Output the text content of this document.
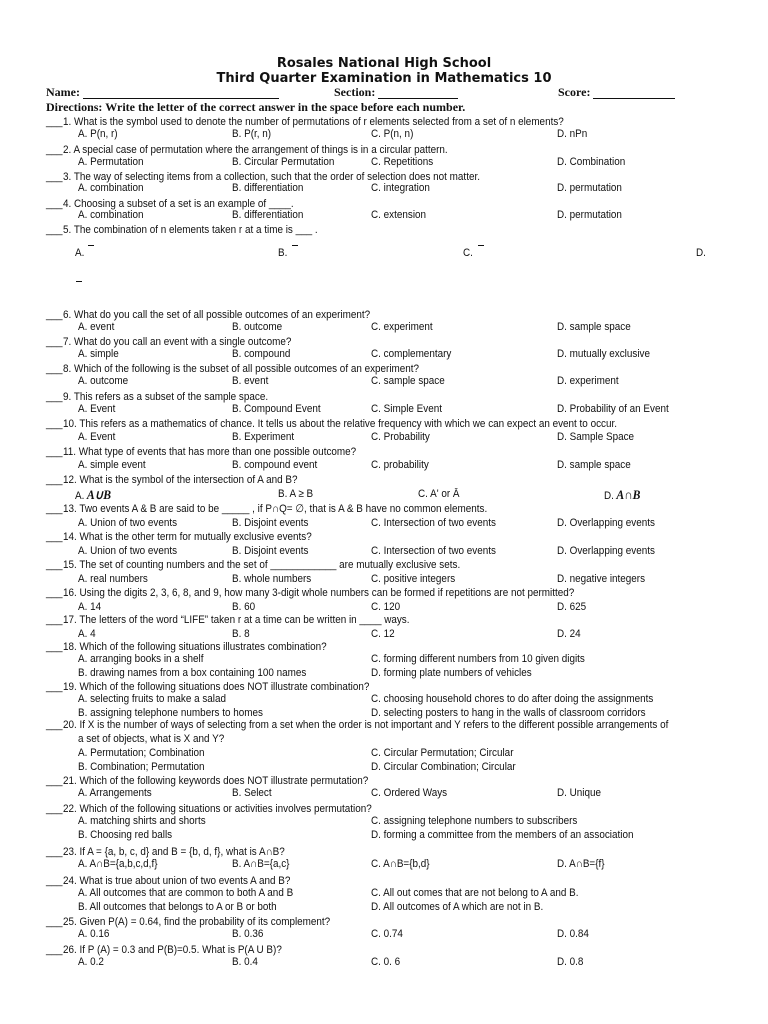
Rosales National High School
Third Quarter Examination in Mathematics 10
Name:	Section:	Score:
Directions: Write the letter of the correct answer in the space before each number.
___ 1. What is the symbol used to denote the number of permutations of r elements selected from a set of n elements?
A. P(n, r)	B. P(r, n)	C. P(n, n)	D. nPn
___ 2. A special case of permutation where the arrangement of things is in a circular pattern.
A. Permutation	B. Circular Permutation	C. Repetitions	D. Combination
___ 3. The way of selecting items from a collection, such that the order of selection does not matter.
A. combination	B. differentiation	C. integration	D. permutation
___ 4. Choosing a subset of a set is an example of ____.
A. combination	B. differentiation	C. extension	D. permutation
___ 5. The combination of n elements taken r at a time is ___ .
A.	B.	C.	D.
___ 6. What do you call the set of all possible outcomes of an experiment?
A. event	B. outcome	C. experiment	D. sample space
___ 7. What do you call an event with a single outcome?
A. simple	B. compound	C. complementary	D. mutually exclusive
___ 8. Which of the following is the subset of all possible outcomes of an experiment?
A. outcome	B. event	C. sample space	D. experiment
___ 9. This refers as a subset of the sample space.
A. Event	B. Compound Event	C. Simple Event	D. Probability of an Event
___ 10. This refers as a mathematics of chance. It tells us about the relative frequency with which we can expect an event to occur.
A. Event	B. Experiment	C. Probability	D. Sample Space
___ 11. What type of events that has more than one possible outcome?
A. simple event	B. compound event	C. probability	D. sample space
___ 12. What is the symbol of the intersection of A and B?
A. A∪B	B. A ≥ B	C. A' or Ā	D. A∩B
___ 13. Two events A & B are said to be _____ , if P∩Q= ∅, that is A & B have no common elements.
A. Union of two events	B. Disjoint events	C. Intersection of two events	D. Overlapping events
___ 14. What is the other term for mutually exclusive events?
A. Union of two events	B. Disjoint events	C. Intersection of two events	D. Overlapping events
___ 15. The set of counting numbers and the set of ____________ are mutually exclusive sets.
A. real numbers	B. whole numbers	C. positive integers	D. negative integers
___ 16. Using the digits 2, 3, 6, 8, and 9, how many 3-digit whole numbers can be formed if repetitions are not permitted?
A. 14	B. 60	C. 120	D. 625
___ 17. The letters of the word “LIFE” taken r at a time can be written in ____ ways.
A. 4	B. 8	C. 12	D. 24
___ 18. Which of the following situations illustrates combination?
A. arranging books in a shelf	C. forming different numbers from 10 given digits
B. drawing names from a box containing 100 names	D. forming plate numbers of vehicles
___ 19. Which of the following situations does NOT illustrate combination?
A. selecting fruits to make a salad	C. choosing household chores to do after doing the assignments
B. assigning telephone numbers to homes	D. selecting posters to hang in the walls of classroom corridors
___ 20. If X is the number of ways of selecting from a set when the order is not important and Y refers to the different possible arrangements of
a set of objects, what is X and Y?
A. Permutation; Combination	C. Circular Permutation; Circular
B. Combination; Permutation	D. Circular Combination; Circular
___ 21. Which of the following keywords does NOT illustrate permutation?
A. Arrangements	B. Select	C. Ordered Ways	D. Unique
___ 22. Which of the following situations or activities involves permutation?
A. matching shirts and shorts	C. assigning telephone numbers to subscribers
B. Choosing red balls	D. forming a committee from the members of an association
___ 23. If A = {a, b, c, d} and B = {b, d, f}, what is A∩B?
A. A∩B={a,b,c,d,f}	B. A∩B={a,c}	C. A∩B={b,d}	D. A∩B={f}
___ 24. What is true about union of two events A and B?
A. All outcomes that are common to both A and B	C. All out comes that are not belong to A and B.
B. All outcomes that belongs to A or B or both	D. All outcomes of A which are not in B.
___ 25. Given P(A) = 0.64, find the probability of its complement?
A. 0.16	B. 0.36	C. 0.74	D. 0.84
___ 26. If P (A) = 0.3 and P(B)=0.5. What is P(A U B)?
A. 0.2	B. 0.4	C. 0. 6	D. 0.8
